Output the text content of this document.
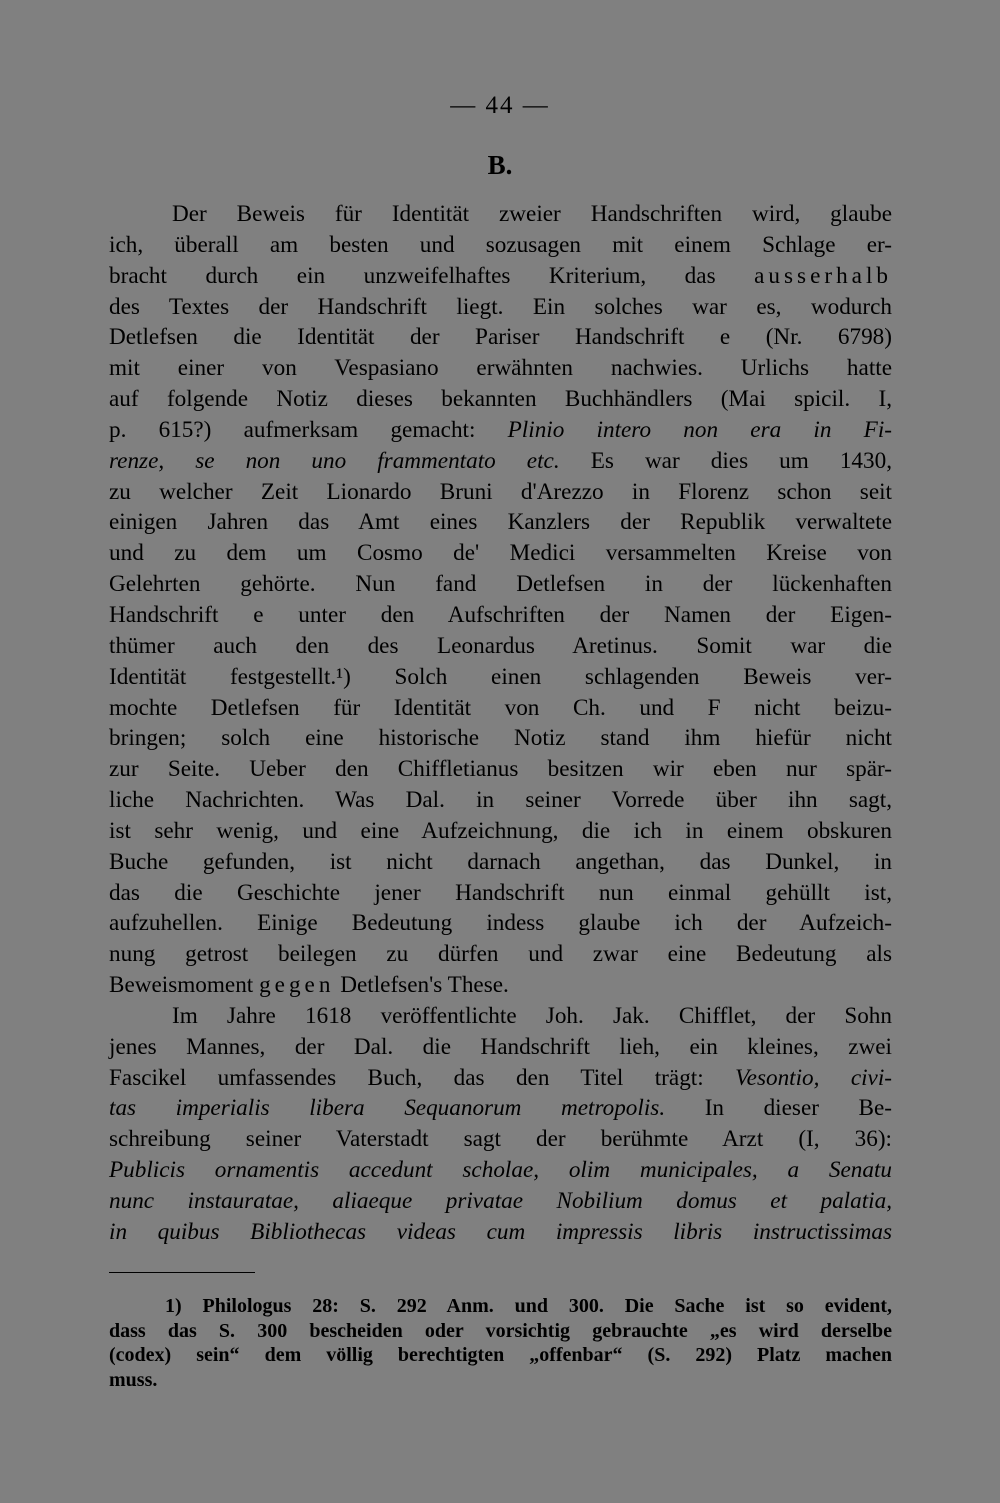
— 44 —
B.
Der Beweis für Identität zweier Handschriften wird, glaube
ich, überall am besten und sozusagen mit einem Schlage er-
bracht durch ein unzweifelhaftes Kriterium, das ausserhalb
des Textes der Handschrift liegt. Ein solches war es, wodurch
Detlefsen die Identität der Pariser Handschrift e (Nr. 6798)
mit einer von Vespasiano erwähnten nachwies. Urlichs hatte
auf folgende Notiz dieses bekannten Buchhändlers (Mai spicil. I,
p. 615?) aufmerksam gemacht: Plinio intero non era in Fi-
renze, se non uno frammentato etc. Es war dies um 1430,
zu welcher Zeit Lionardo Bruni d'Arezzo in Florenz schon seit
einigen Jahren das Amt eines Kanzlers der Republik verwaltete
und zu dem um Cosmo de' Medici versammelten Kreise von
Gelehrten gehörte. Nun fand Detlefsen in der lückenhaften
Handschrift e unter den Aufschriften der Namen der Eigen-
thümer auch den des Leonardus Aretinus. Somit war die
Identität festgestellt.¹) Solch einen schlagenden Beweis ver-
mochte Detlefsen für Identität von Ch. und F nicht beizu-
bringen; solch eine historische Notiz stand ihm hiefür nicht
zur Seite. Ueber den Chiffletianus besitzen wir eben nur spär-
liche Nachrichten. Was Dal. in seiner Vorrede über ihn sagt,
ist sehr wenig, und eine Aufzeichnung, die ich in einem obskuren
Buche gefunden, ist nicht darnach angethan, das Dunkel, in
das die Geschichte jener Handschrift nun einmal gehüllt ist,
aufzuhellen. Einige Bedeutung indess glaube ich der Aufzeich-
nung getrost beilegen zu dürfen und zwar eine Bedeutung als
Beweismoment gegen Detlefsen's These.
Im Jahre 1618 veröffentlichte Joh. Jak. Chifflet, der Sohn
jenes Mannes, der Dal. die Handschrift lieh, ein kleines, zwei
Fascikel umfassendes Buch, das den Titel trägt: Vesontio, civi-
tas imperialis libera Sequanorum metropolis. In dieser Be-
schreibung seiner Vaterstadt sagt der berühmte Arzt (I, 36):
Publicis ornamentis accedunt scholae, olim municipales, a Senatu
nunc instauratae, aliaeque privatae Nobilium domus et palatia,
in quibus Bibliothecas videas cum impressis libris instructissimas
1) Philologus 28: S. 292 Anm. und 300. Die Sache ist so evident,
dass das S. 300 bescheiden oder vorsichtig gebrauchte „es wird derselbe
(codex) sein“ dem völlig berechtigten „offenbar“ (S. 292) Platz machen
muss.
